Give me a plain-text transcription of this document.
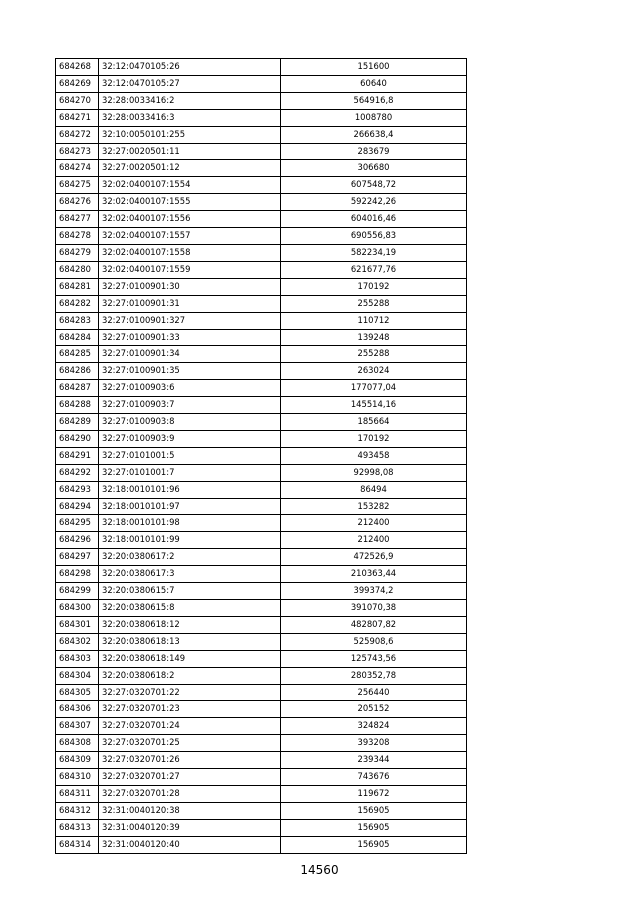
684268	32:12:0470105:26	151600
684269	32:12:0470105:27	60640
684270	32:28:0033416:2	564916,8
684271	32:28:0033416:3	1008780
684272	32:10:0050101:255	266638,4
684273	32:27:0020501:11	283679
684274	32:27:0020501:12	306680
684275	32:02:0400107:1554	607548,72
684276	32:02:0400107:1555	592242,26
684277	32:02:0400107:1556	604016,46
684278	32:02:0400107:1557	690556,83
684279	32:02:0400107:1558	582234,19
684280	32:02:0400107:1559	621677,76
684281	32:27:0100901:30	170192
684282	32:27:0100901:31	255288
684283	32:27:0100901:327	110712
684284	32:27:0100901:33	139248
684285	32:27:0100901:34	255288
684286	32:27:0100901:35	263024
684287	32:27:0100903:6	177077,04
684288	32:27:0100903:7	145514,16
684289	32:27:0100903:8	185664
684290	32:27:0100903:9	170192
684291	32:27:0101001:5	493458
684292	32:27:0101001:7	92998,08
684293	32:18:0010101:96	86494
684294	32:18:0010101:97	153282
684295	32:18:0010101:98	212400
684296	32:18:0010101:99	212400
684297	32:20:0380617:2	472526,9
684298	32:20:0380617:3	210363,44
684299	32:20:0380615:7	399374,2
684300	32:20:0380615:8	391070,38
684301	32:20:0380618:12	482807,82
684302	32:20:0380618:13	525908,6
684303	32:20:0380618:149	125743,56
684304	32:20:0380618:2	280352,78
684305	32:27:0320701:22	256440
684306	32:27:0320701:23	205152
684307	32:27:0320701:24	324824
684308	32:27:0320701:25	393208
684309	32:27:0320701:26	239344
684310	32:27:0320701:27	743676
684311	32:27:0320701:28	119672
684312	32:31:0040120:38	156905
684313	32:31:0040120:39	156905
684314	32:31:0040120:40	156905
14560
